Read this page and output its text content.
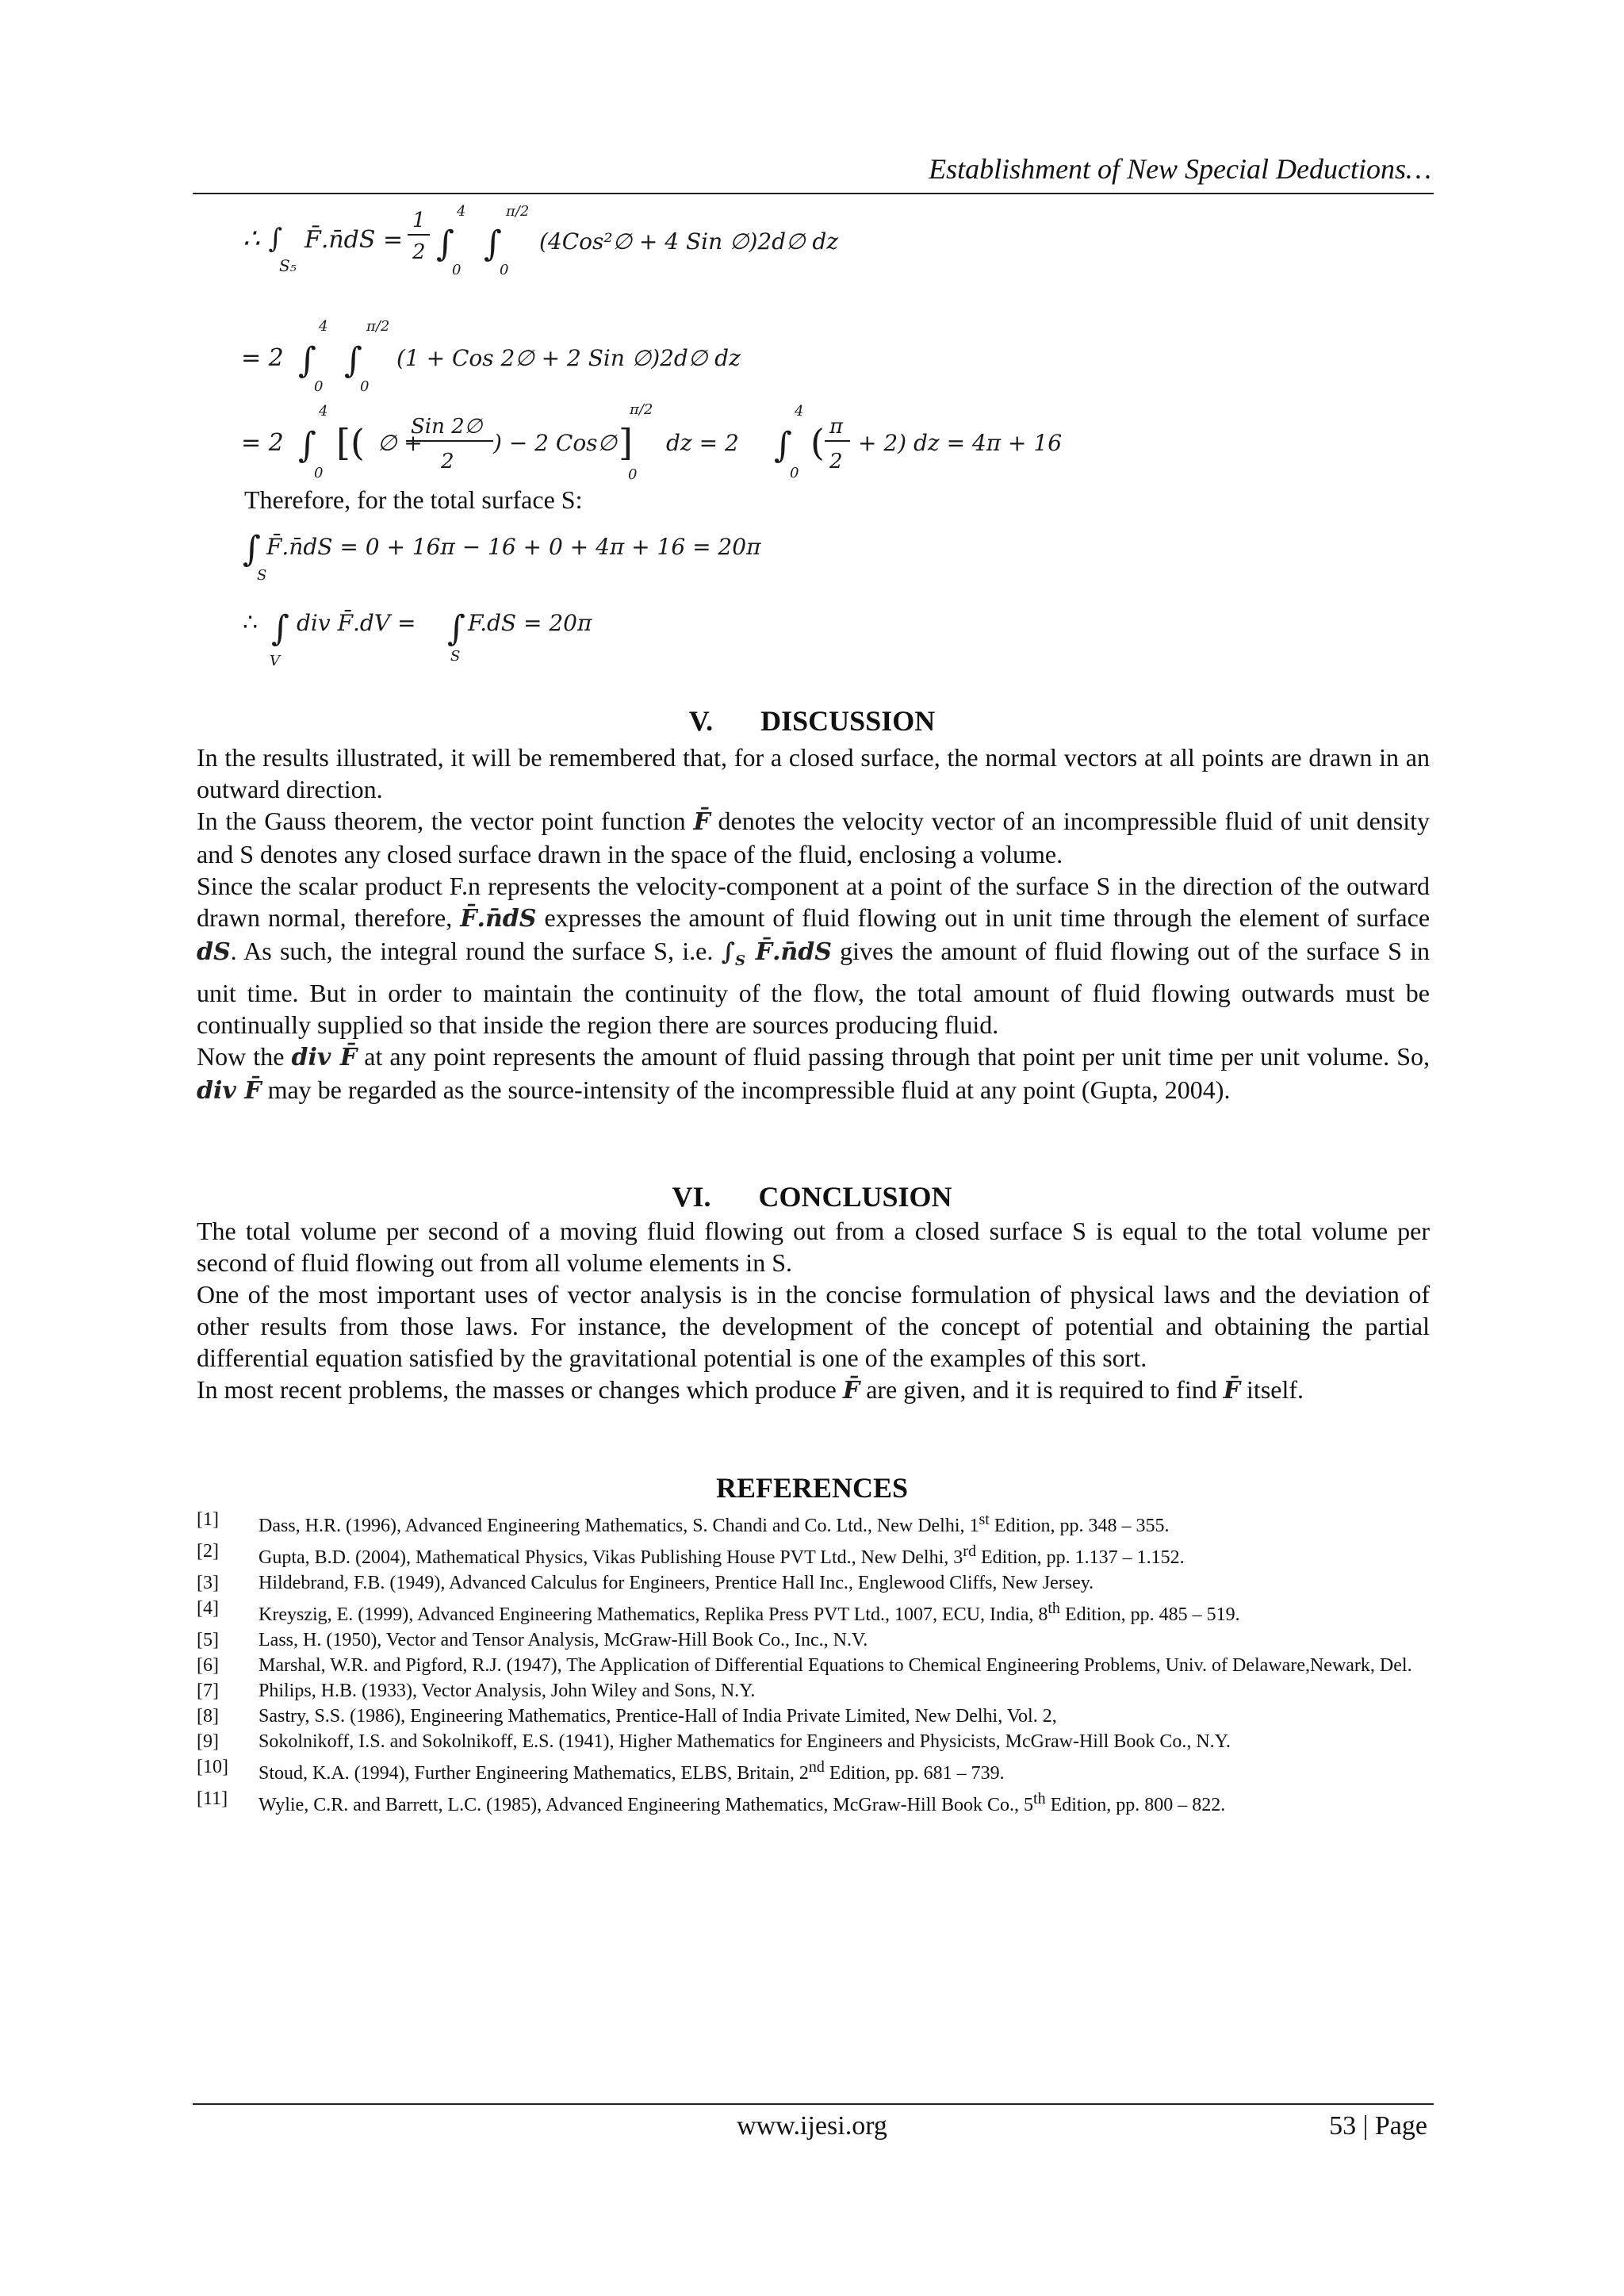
Establishment of New Special Deductions…
∴ ∫
S₅
F̄.n̄dS =
1
2 ∫
4
0
∫
π/2
0
(4Cos²∅ + 4 Sin ∅)2d∅ dz
= 2 ∫
4
0
∫
π/2
0
(1 + Cos 2∅ + 2 Sin ∅)2d∅ dz
= 2 ∫
4
0
[( ∅ +
Sin 2∅
2
) − 2 Cos∅ ]
π/2
0
dz = 2 ∫
4
0
( π
2
+ 2) dz = 4π + 16
Therefore, for the total surface S:
∫
S
F̄.n̄dS = 0 + 16π − 16 + 0 + 4π + 16 = 20π
∴ ∫
V
div F̄.dV = ∫
S
F.dS = 20π
V. DISCUSSION

In the results illustrated, it will be remembered that, for a closed surface, the normal vectors at all points are drawn in an outward direction.

In the Gauss theorem, the vector point function F̄ denotes the velocity vector of an incompressible fluid of unit density and S denotes any closed surface drawn in the space of the fluid, enclosing a volume.

Since the scalar product F.n represents the velocity-component at a point of the surface S in the direction of the outward drawn normal, therefore, F̄.n̄dS expresses the amount of fluid flowing out in unit time through the element of surface dS. As such, the integral round the surface S, i.e. $\int_S$ F̄.n̄dS gives the amount of fluid flowing out of the surface S in unit time. But in order to maintain the continuity of the flow, the total amount of fluid flowing outwards must be continually supplied so that inside the region there are sources producing fluid.

Now the div F̄ at any point represents the amount of fluid passing through that point per unit time per unit volume. So, div F̄ may be regarded as the source-intensity of the incompressible fluid at any point (Gupta, 2004).

VI. CONCLUSION

The total volume per second of a moving fluid flowing out from a closed surface S is equal to the total volume per second of fluid flowing out from all volume elements in S.

One of the most important uses of vector analysis is in the concise formulation of physical laws and the deviation of other results from those laws. For instance, the development of the concept of potential and obtaining the partial differential equation satisfied by the gravitational potential is one of the examples of this sort.

In most recent problems, the masses or changes which produce F̄ are given, and it is required to find F̄ itself.

REFERENCES
[1] Dass, H.R. (1996), Advanced Engineering Mathematics, S. Chandi and Co. Ltd., New Delhi, 1st Edition, pp. 348 – 355.
[2] Gupta, B.D. (2004), Mathematical Physics, Vikas Publishing House PVT Ltd., New Delhi, 3rd Edition, pp. 1.137 – 1.152.
[3] Hildebrand, F.B. (1949), Advanced Calculus for Engineers, Prentice Hall Inc., Englewood Cliffs, New Jersey.
[4] Kreyszig, E. (1999), Advanced Engineering Mathematics, Replika Press PVT Ltd., 1007, ECU, India, 8th Edition, pp. 485 – 519.
[5] Lass, H. (1950), Vector and Tensor Analysis, McGraw-Hill Book Co., Inc., N.V.
[6] Marshal, W.R. and Pigford, R.J. (1947), The Application of Differential Equations to Chemical Engineering Problems, Univ. of Delaware,Newark, Del.
[7] Philips, H.B. (1933), Vector Analysis, John Wiley and Sons, N.Y.
[8] Sastry, S.S. (1986), Engineering Mathematics, Prentice-Hall of India Private Limited, New Delhi, Vol. 2,
[9] Sokolnikoff, I.S. and Sokolnikoff, E.S. (1941), Higher Mathematics for Engineers and Physicists, McGraw-Hill Book Co., N.Y.
[10] Stoud, K.A. (1994), Further Engineering Mathematics, ELBS, Britain, 2nd Edition, pp. 681 – 739.
[11] Wylie, C.R. and Barrett, L.C. (1985), Advanced Engineering Mathematics, McGraw-Hill Book Co., 5th Edition, pp. 800 – 822.
www.ijesi.org	53 | Page
